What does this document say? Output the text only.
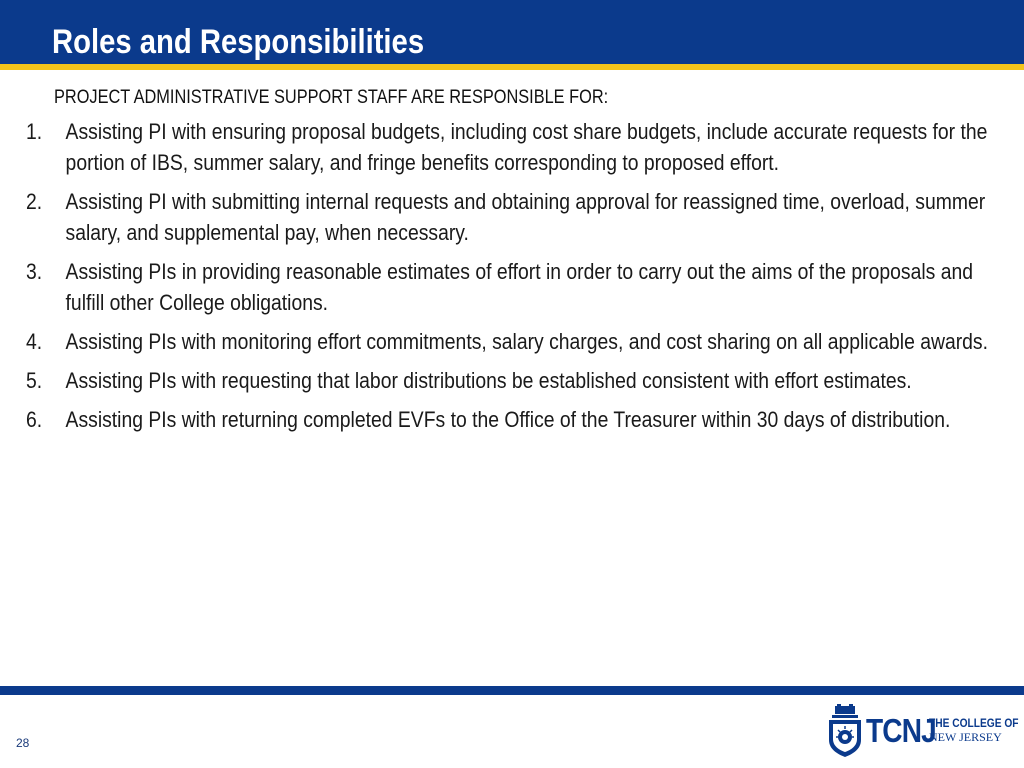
Roles and Responsibilities
PROJECT ADMINISTRATIVE SUPPORT STAFF ARE RESPONSIBLE FOR:
1. Assisting PI with ensuring proposal budgets, including cost share budgets, include accurate requests for the portion of IBS, summer salary, and fringe benefits corresponding to proposed effort.
2. Assisting PI with submitting internal requests and obtaining approval for reassigned time, overload, summer salary, and supplemental pay, when necessary.
3. Assisting PIs in providing reasonable estimates of effort in order to carry out the aims of the proposals and fulfill other College obligations.
4. Assisting PIs with monitoring effort commitments, salary charges, and cost sharing on all applicable awards.
5. Assisting PIs with requesting that labor distributions be established consistent with effort estimates.
6. Assisting PIs with returning completed EVFs to the Office of the Treasurer within 30 days of distribution.
28	TCNJ
THE COLLEGE OF
NEW JERSEY
